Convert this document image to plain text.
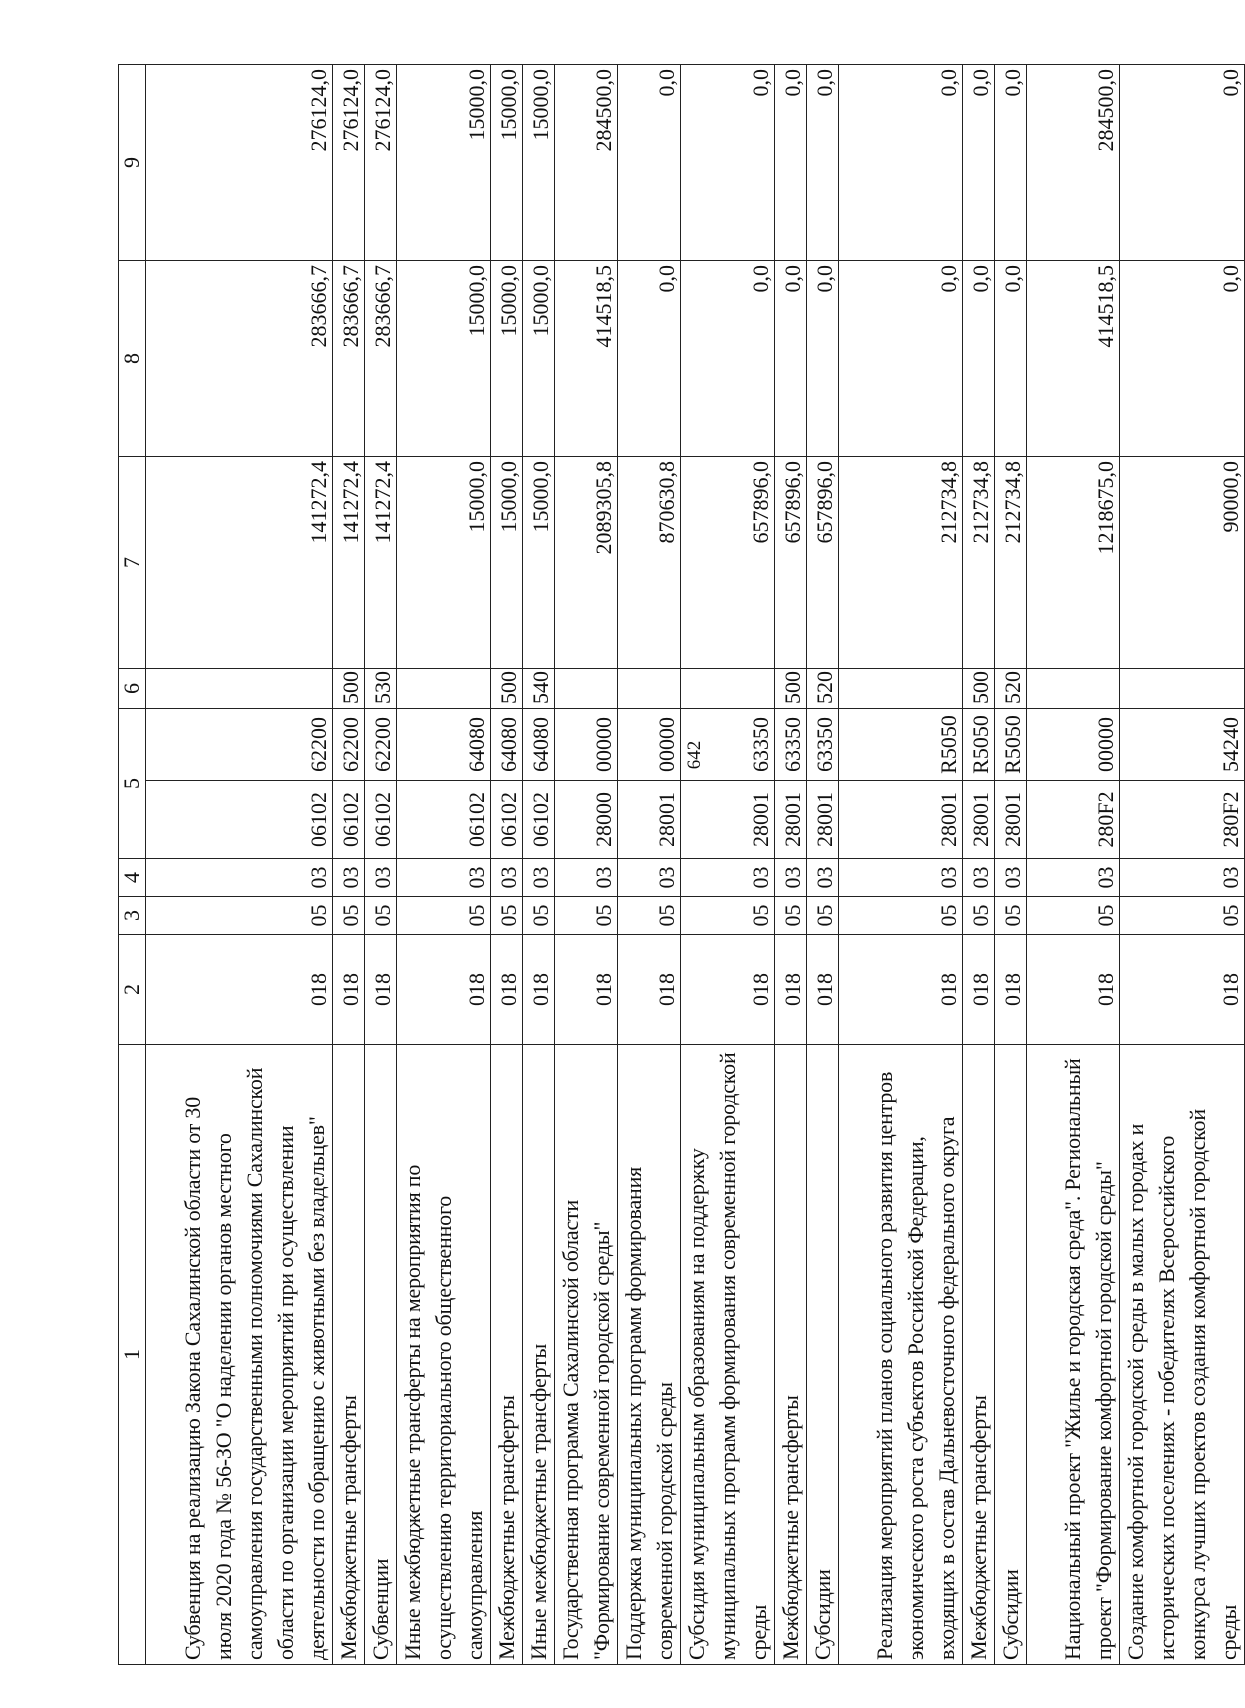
642
1	2	3	4	5		6	7	8	9
Субвенция на реализацию Закона Сахалинской области от 30 июля 2020 года № 56-ЗО "О наделении органов местного самоуправления государственными полномочиями Сахалинской области по организации мероприятий при осуществлении деятельности по обращению с животными без владельцев"	018	05	03	06102	62200		141272,4	283666,7	276124,0
Межбюджетные трансферты	018	05	03	06102	62200	500	141272,4	283666,7	276124,0
Субвенции	018	05	03	06102	62200	530	141272,4	283666,7	276124,0
Иные межбюджетные трансферты на мероприятия по осуществлению территориального общественного самоуправления	018	05	03	06102	64080		15000,0	15000,0	15000,0
Межбюджетные трансферты	018	05	03	06102	64080	500	15000,0	15000,0	15000,0
Иные межбюджетные трансферты	018	05	03	06102	64080	540	15000,0	15000,0	15000,0
Государственная программа Сахалинской области "Формирование современной городской среды"	018	05	03	28000	00000		2089305,8	414518,5	284500,0
Поддержка муниципальных программ формирования современной городской среды	018	05	03	28001	00000		870630,8	0,0	0,0
Субсидия муниципальным образованиям на поддержку муниципальных программ формирования современной городской среды	018	05	03	28001	63350		657896,0	0,0	0,0
Межбюджетные трансферты	018	05	03	28001	63350	500	657896,0	0,0	0,0
Субсидии	018	05	03	28001	63350	520	657896,0	0,0	0,0
Реализация мероприятий планов социального развития центров экономического роста субъектов Российской Федерации, входящих в состав Дальневосточного федерального округа	018	05	03	28001	R5050		212734,8	0,0	0,0
Межбюджетные трансферты	018	05	03	28001	R5050	500	212734,8	0,0	0,0
Субсидии	018	05	03	28001	R5050	520	212734,8	0,0	0,0
Национальный проект "Жилье и городская среда". Региональный проект "Формирование комфортной городской среды"	018	05	03	280F2	00000		1218675,0	414518,5	284500,0
Создание комфортной городской среды в малых городах и исторических поселениях - победителях Всероссийского конкурса лучших проектов создания комфортной городской среды	018	05	03	280F2	54240		90000,0	0,0	0,0
